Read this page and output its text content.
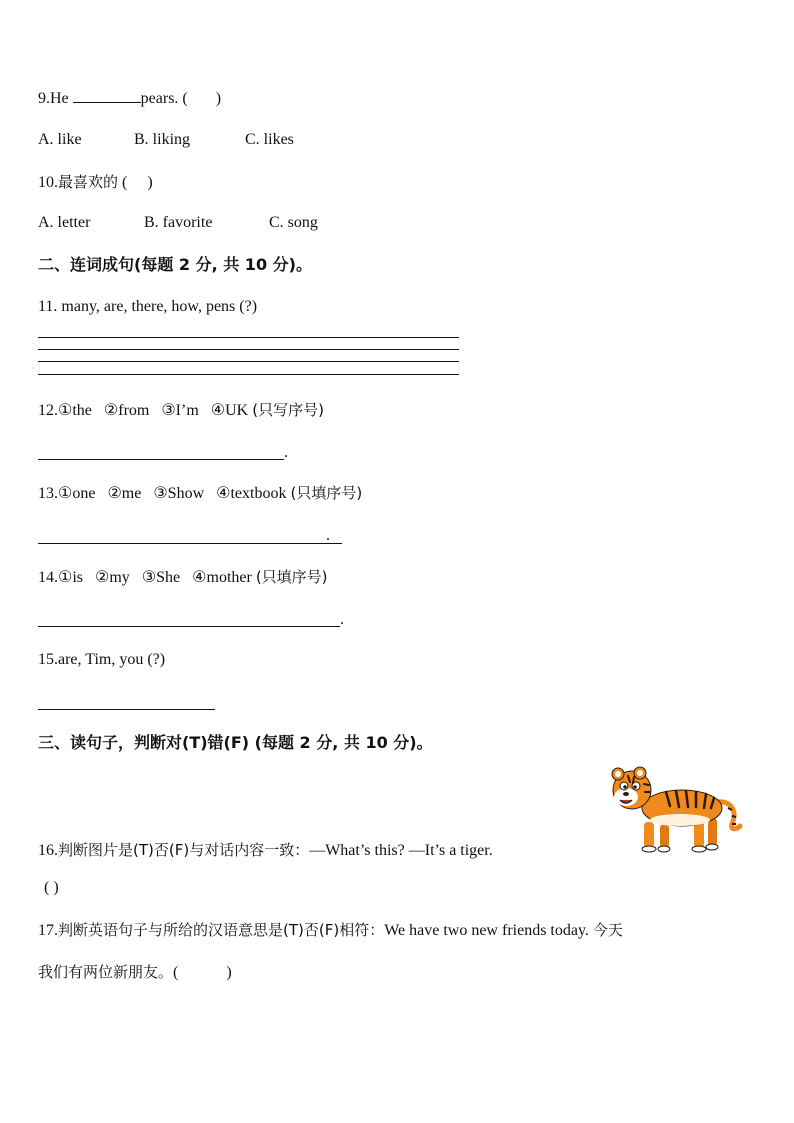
9.He	pears. ( )
A. like	B. liking	C. likes
10.最喜欢的 (     )
A. letter	B. favorite	C. song
二、连词成句(每题 2 分, 共 10 分)。
11. many, are, there, how, pens (?)
12.①the   ②from   ③I’m   ④UK (只写序号)
.
13.①one   ②me   ③Show   ④textbook (只填序号)
.
14.①is   ②my   ③She   ④mother (只填序号)
.
15.are, Tim, you (?)
三、读句子，判断对(T)错(F) (每题 2 分, 共 10 分)。
16.判断图片是(T)否(F)与对话内容一致：—What’s this? —It’s a tiger.
( )
17.判断英语句子与所给的汉语意思是(T)否(F)相符：We have two new friends today. 今天
我们有两位新朋友。(            )
